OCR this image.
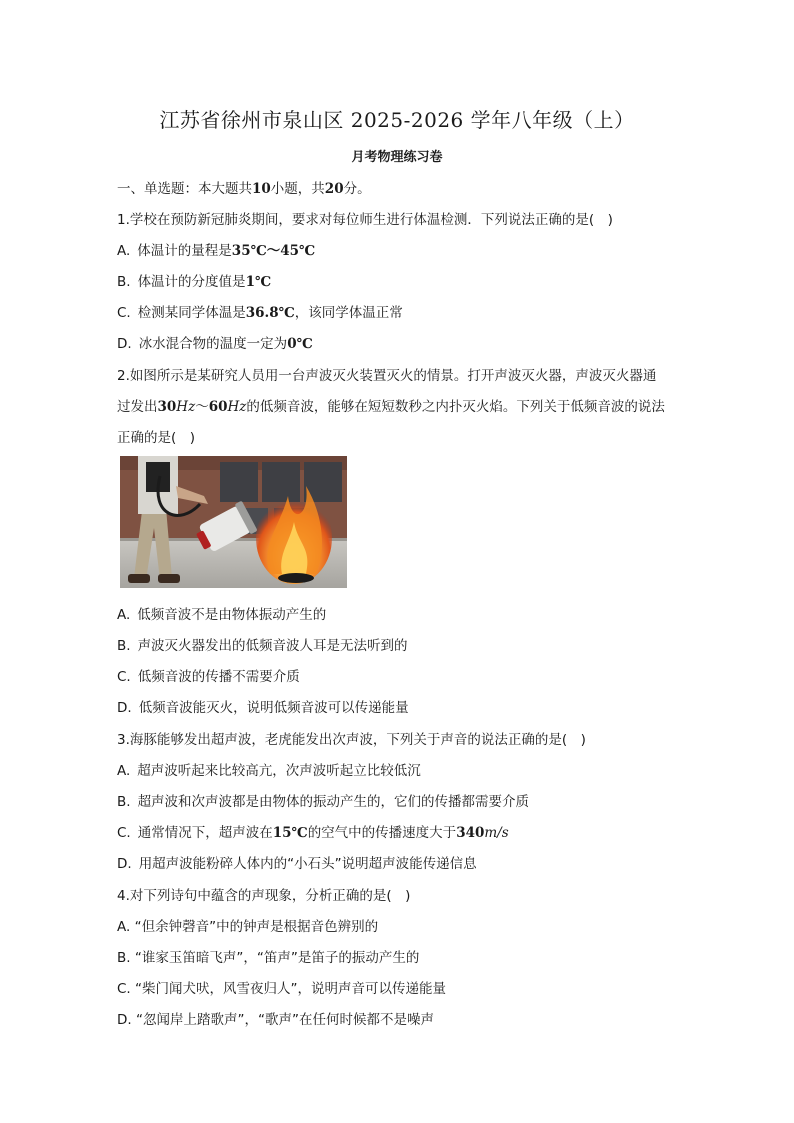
江苏省徐州市泉山区 2025-2026 学年八年级（上）
月考物理练习卷
一、单选题：本大题共10小题，共20分。
1.学校在预防新冠肺炎期间，要求对每位师生进行体温检测．下列说法正确的是(　)
A. 体温计的量程是35℃～45℃
B. 体温计的分度值是1℃
C. 检测某同学体温是36.8℃，该同学体温正常
D. 冰水混合物的温度一定为0℃
2.如图所示是某研究人员用一台声波灭火装置灭火的情景。打开声波灭火器，声波灭火器通
过发出30Hz～60Hz的低频音波，能够在短短数秒之内扑灭火焰。下列关于低频音波的说法
正确的是(　)
A. 低频音波不是由物体振动产生的
B. 声波灭火器发出的低频音波人耳是无法听到的
C. 低频音波的传播不需要介质
D. 低频音波能灭火，说明低频音波可以传递能量
3.海豚能够发出超声波，老虎能发出次声波，下列关于声音的说法正确的是(　)
A. 超声波听起来比较高亢，次声波听起立比较低沉
B. 超声波和次声波都是由物体的振动产生的，它们的传播都需要介质
C. 通常情况下，超声波在15℃的空气中的传播速度大于340m/s
D. 用超声波能粉碎人体内的“小石头”说明超声波能传递信息
4.对下列诗句中蕴含的声现象，分析正确的是(　)
A. “但余钟磬音”中的钟声是根据音色辨别的
B. “谁家玉笛暗飞声”，“笛声”是笛子的振动产生的
C. “柴门闻犬吠，风雪夜归人”，说明声音可以传递能量
D. “忽闻岸上踏歌声”，“歌声”在任何时候都不是噪声
